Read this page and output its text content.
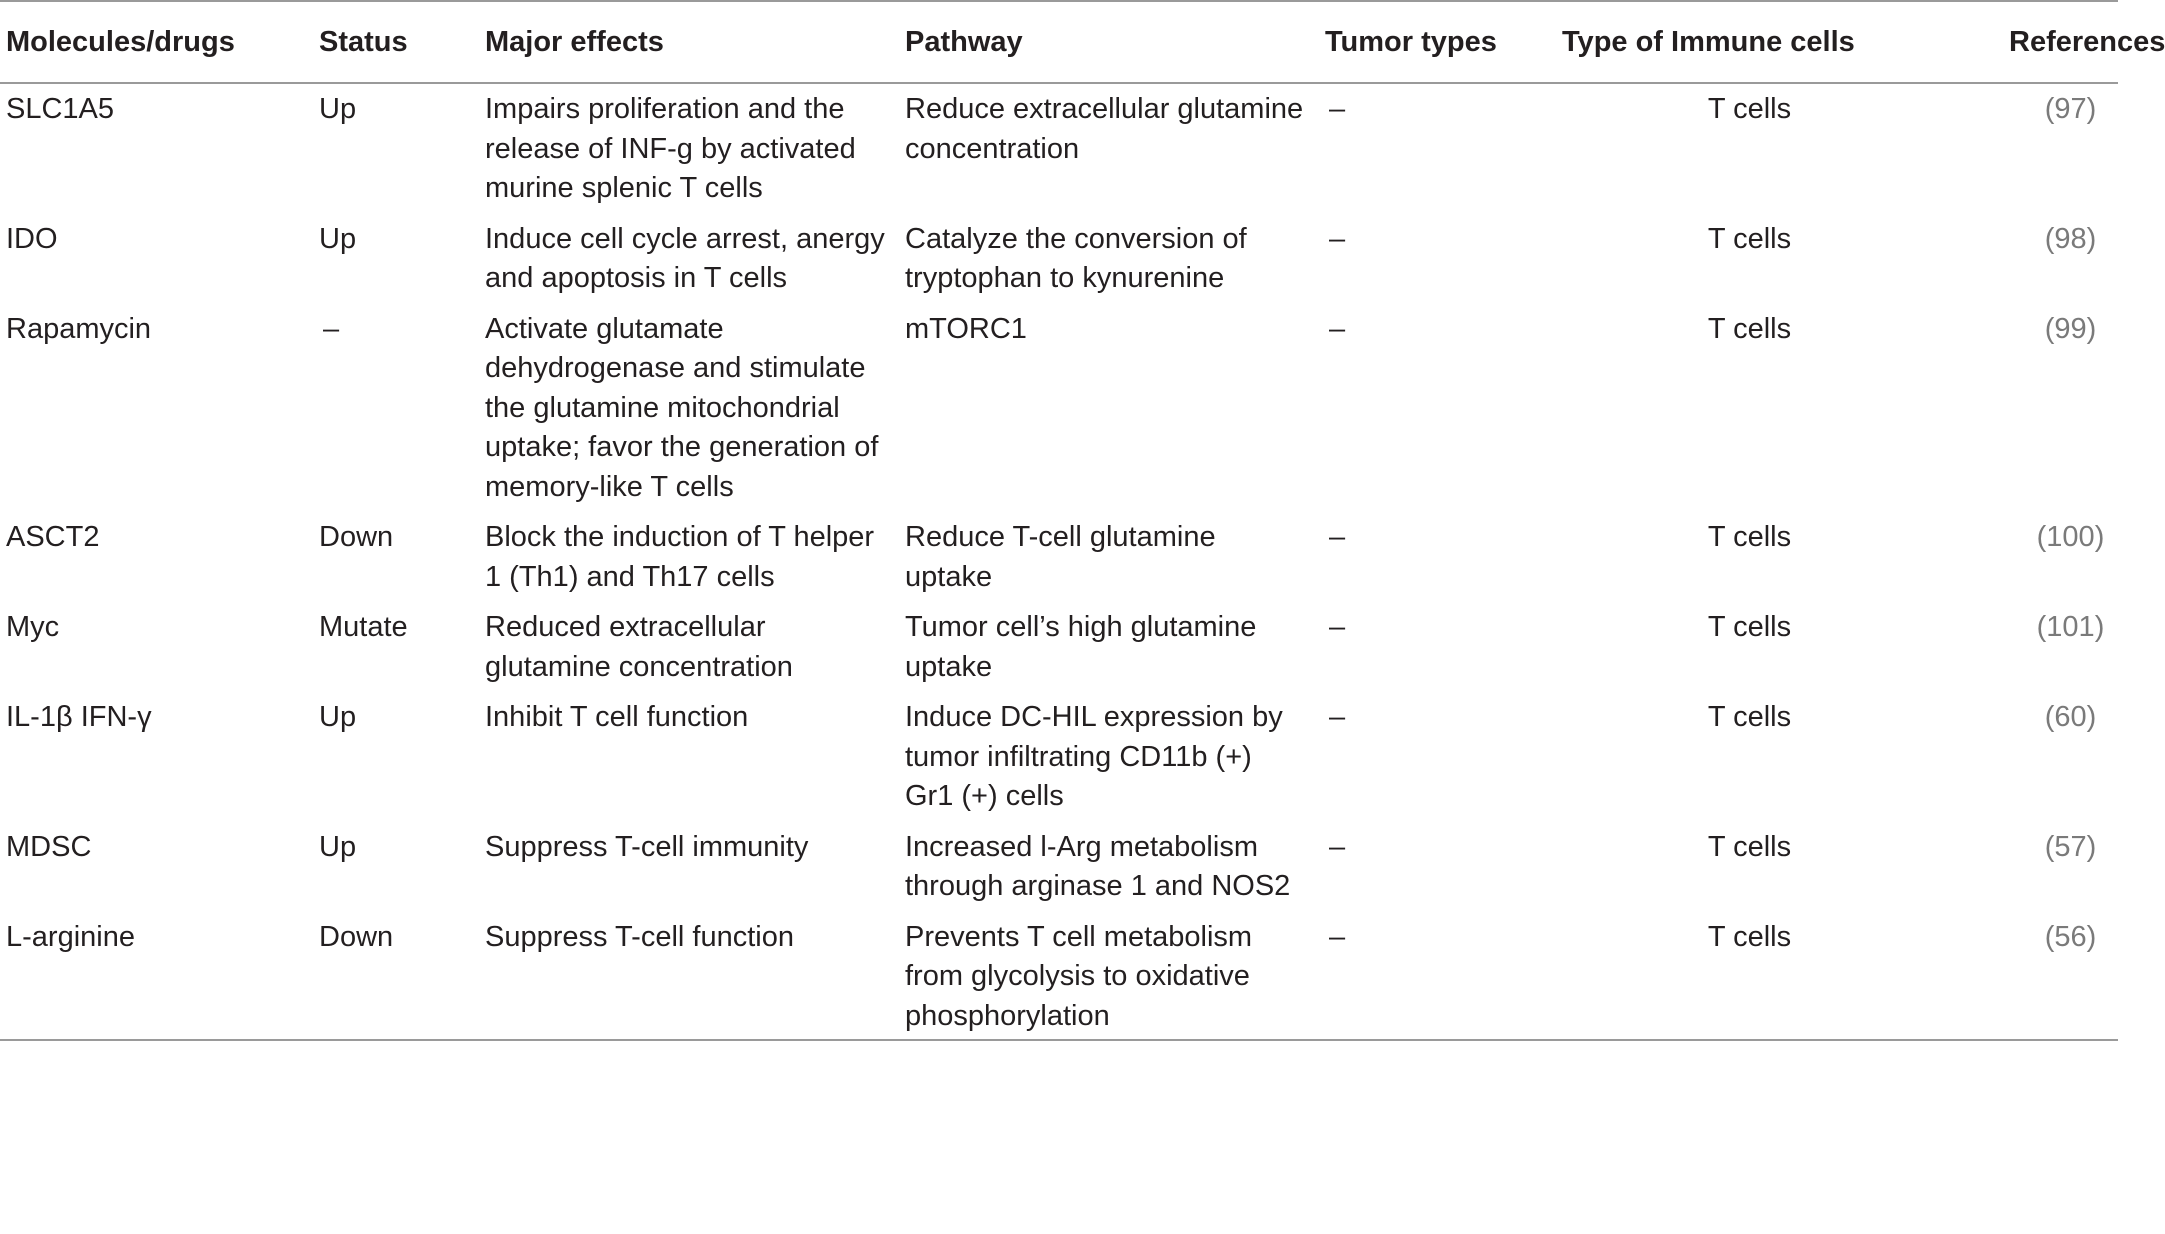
Molecules/drugs	Status	Major effects	Pathway	Tumor types	Type of Immune cells	References
SLC1A5	Up	Impairs proliferation and the release of INF-g by activated murine splenic T cells	Reduce extracellular glutamine concentration	–	T cells	(97)
IDO	Up	Induce cell cycle arrest, anergy and apoptosis in T cells	Catalyze the conversion of tryptophan to kynurenine	–	T cells	(98)
Rapamycin	–	Activate glutamate dehydrogenase and stimulate the glutamine mitochondrial uptake; favor the generation of memory-like T cells	mTORC1	–	T cells	(99)
ASCT2	Down	Block the induction of T helper 1 (Th1) and Th17 cells	Reduce T-cell glutamine uptake	–	T cells	(100)
Myc	Mutate	Reduced extracellular glutamine concentration	Tumor cell’s high glutamine uptake	–	T cells	(101)
IL-1β IFN-γ	Up	Inhibit T cell function	Induce DC-HIL expression by tumor infiltrating CD11b (+) Gr1 (+) cells	–	T cells	(60)
MDSC	Up	Suppress T-cell immunity	Increased l-Arg metabolism through arginase 1 and NOS2	–	T cells	(57)
L-arginine	Down	Suppress T-cell function	Prevents T cell metabolism from glycolysis to oxidative phosphorylation	–	T cells	(56)
